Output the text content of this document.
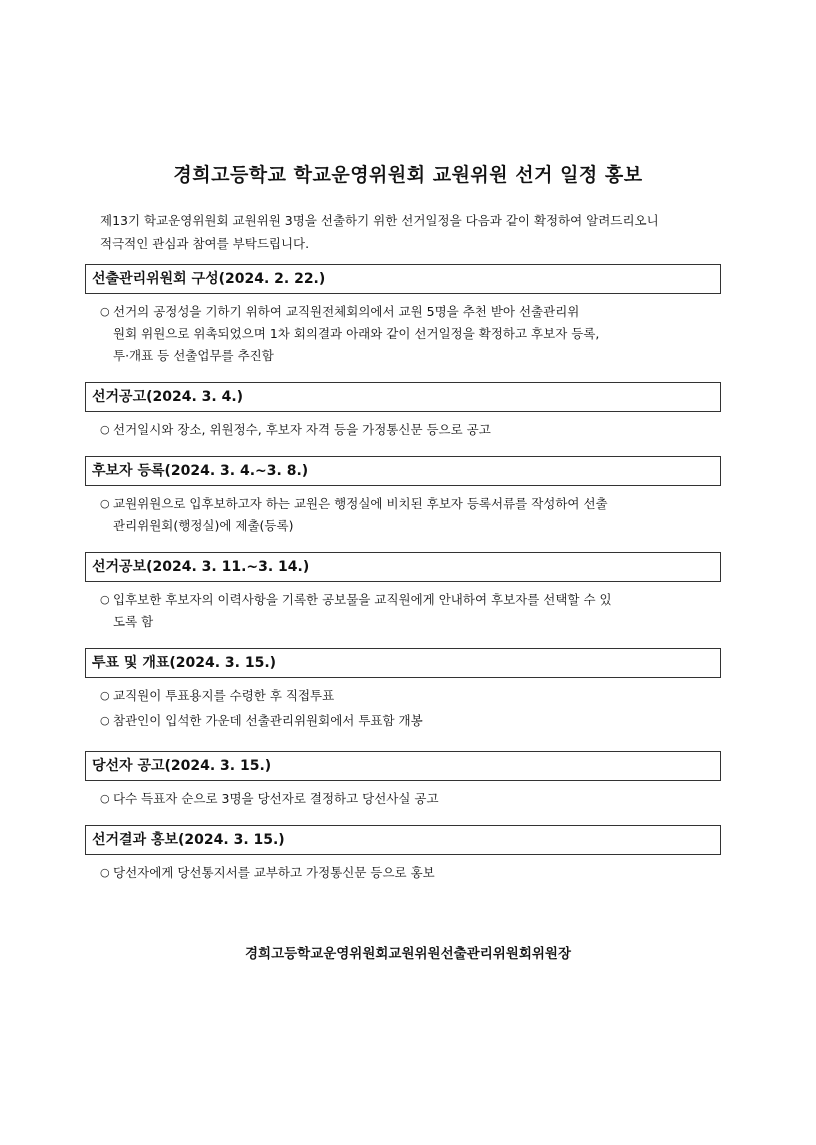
경희고등학교 학교운영위원회 교원위원 선거 일정 홍보
제13기 학교운영위원회 교원위원 3명을 선출하기 위한 선거일정을 다음과 같이 확정하여 알려드리오니
적극적인 관심과 참여를 부탁드립니다.
선출관리위원회 구성(2024. 2. 22.)
○ 선거의 공정성을 기하기 위하여 교직원전체회의에서 교원 5명을 추천 받아 선출관리위
원회 위원으로 위촉되었으며 1차 회의결과 아래와 같이 선거일정을 확정하고 후보자 등록,
투·개표 등 선출업무를 추진함
선거공고(2024. 3. 4.)
○ 선거일시와 장소, 위원정수, 후보자 자격 등을 가정통신문 등으로 공고
후보자 등록(2024. 3. 4.~3. 8.)
○ 교원위원으로 입후보하고자 하는 교원은 행정실에 비치된 후보자 등록서류를 작성하여 선출
관리위원회(행정실)에 제출(등록)
선거공보(2024. 3. 11.~3. 14.)
○ 입후보한 후보자의 이력사항을 기록한 공보물을 교직원에게 안내하여 후보자를 선택할 수 있
도록 함
투표 및 개표(2024. 3. 15.)
○ 교직원이 투표용지를 수령한 후 직접투표
○ 참관인이 입석한 가운데 선출관리위원회에서 투표함 개봉
당선자 공고(2024. 3. 15.)
○ 다수 득표자 순으로 3명을 당선자로 결정하고 당선사실 공고
선거결과 홍보(2024. 3. 15.)
○ 당선자에게 당선통지서를 교부하고 가정통신문 등으로 홍보
경희고등학교운영위원회교원위원선출관리위원회위원장
